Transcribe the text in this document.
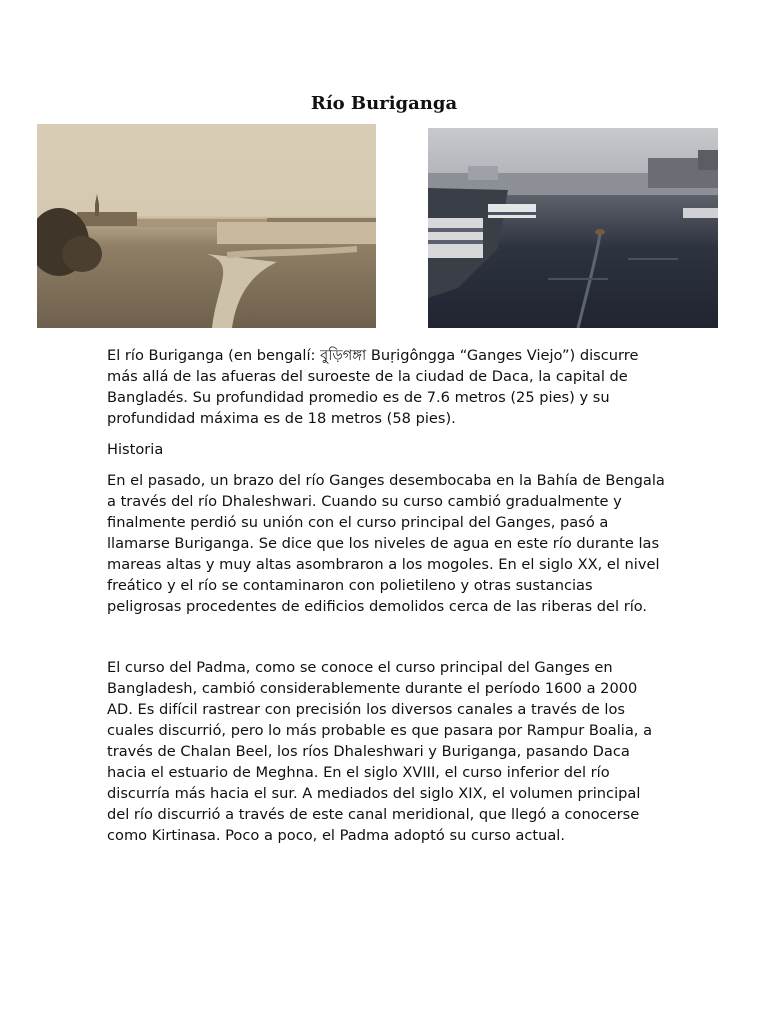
Río Buriganga

El río Buriganga (en bengalí: বুড়িগঙ্গা Buṛigôngga “Ganges Viejo”) discurre más allá de las afueras del suroeste de la ciudad de Daca, la capital de Bangladés. Su profundidad promedio es de 7.6 metros (25 pies) y su profundidad máxima es de 18 metros (58 pies).

Historia

En el pasado, un brazo del río Ganges desembocaba en la Bahía de Bengala a través del río Dhaleshwari. Cuando su curso cambió gradualmente y finalmente perdió su unión con el curso principal del Ganges, pasó a llamarse Buriganga. Se dice que los niveles de agua en este río durante las mareas altas y muy altas asombraron a los mogoles. En el siglo XX, el nivel freático y el río se contaminaron con polietileno y otras sustancias peligrosas procedentes de edificios demolidos cerca de las riberas del río.

El curso del Padma, como se conoce el curso principal del Ganges en Bangladesh, cambió considerablemente durante el período 1600 a 2000 AD. Es difícil rastrear con precisión los diversos canales a través de los cuales discurrió, pero lo más probable es que pasara por Rampur Boalia, a través de Chalan Beel, los ríos Dhaleshwari y Buriganga, pasando Daca hacia el estuario de Meghna. En el siglo XVIII, el curso inferior del río discurría más hacia el sur. A mediados del siglo XIX, el volumen principal del río discurrió a través de este canal meridional, que llegó a conocerse como Kirtinasa. Poco a poco, el Padma adoptó su curso actual.
